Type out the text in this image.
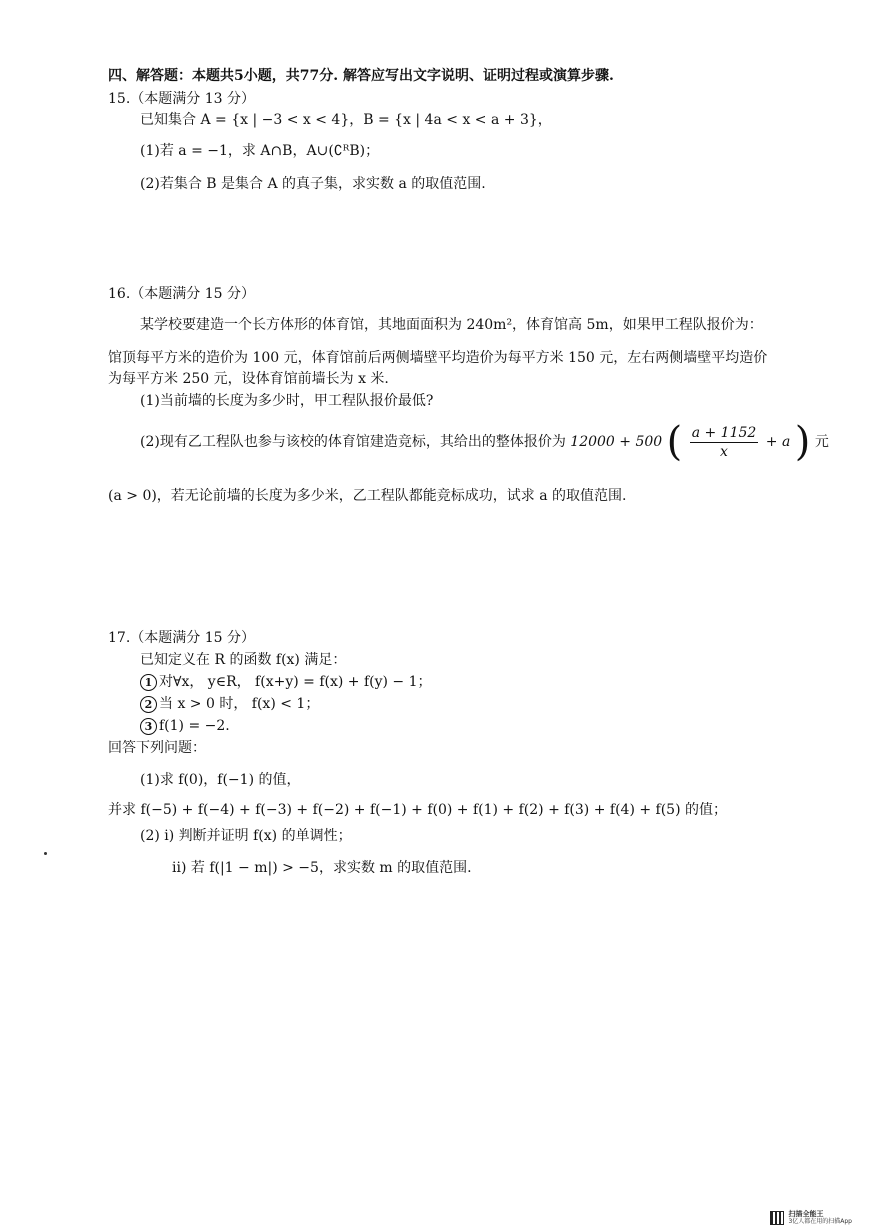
四、解答题：本题共5小题，共77分. 解答应写出文字说明、证明过程或演算步骤.
15.（本题满分 13 分）
已知集合 A = {x | −3 < x < 4}，B = {x | 4a < x < a + 3}，
(1)若 a = −1，求 A∩B，A∪(∁ᴿB)；
(2)若集合 B 是集合 A 的真子集，求实数 a 的取值范围.
16.（本题满分 15 分）
某学校要建造一个长方体形的体育馆，其地面面积为 240m²，体育馆高 5m，如果甲工程队报价为：
馆顶每平方米的造价为 100 元，体育馆前后两侧墙壁平均造价为每平方米 150 元，左右两侧墙壁平均造价
为每平方米 250 元，设体育馆前墙长为 x 米.
(1)当前墙的长度为多少时，甲工程队报价最低?
(2)现有乙工程队也参与该校的体育馆建造竞标，其给出的整体报价为 12000 + 500 ( $\frac{a + 1152}{x} + a$ ) 元
(a > 0)，若无论前墙的长度为多少米，乙工程队都能竞标成功，试求 a 的取值范围.
17.（本题满分 15 分）
已知定义在 R 的函数 f(x) 满足：
1 对∀x， y∈R， f(x+y) = f(x) + f(y) − 1；
2 当 x > 0 时， f(x) < 1；
3 f(1) = −2.
回答下列问题：
(1)求 f(0)，f(−1) 的值，
并求 f(−5) + f(−4) + f(−3) + f(−2) + f(−1) + f(0) + f(1) + f(2) + f(3) + f(4) + f(5) 的值；
(2) i) 判断并证明 f(x) 的单调性；
ii) 若 f(|1 − m|) > −5，求实数 m 的取值范围.
扫描全能王
3亿人都在用的扫描App
